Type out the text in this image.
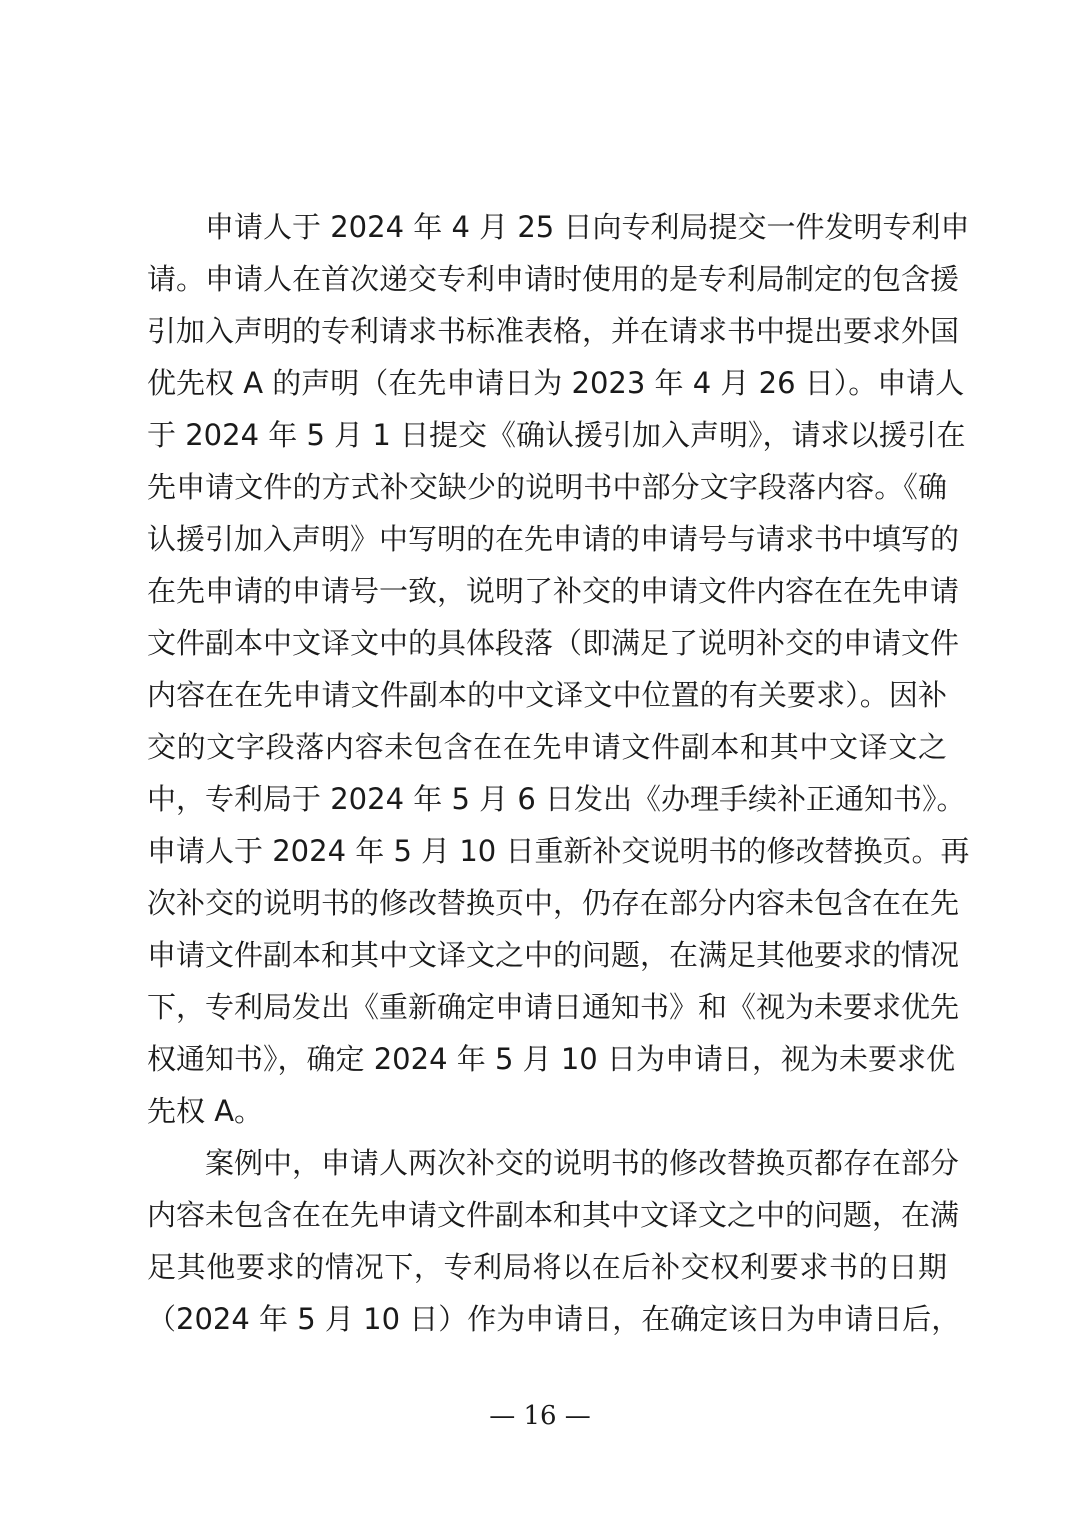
申请人于 2024 年 4 月 25 日向专利局提交一件发明专利申
请。申请人在首次递交专利申请时使用的是专利局制定的包含援
引加入声明的专利请求书标准表格，并在请求书中提出要求外国
优先权 A 的声明（在先申请日为 2023 年 4 月 26 日）。申请人
于 2024 年 5 月 1 日提交《确认援引加入声明》，请求以援引在
先申请文件的方式补交缺少的说明书中部分文字段落内容。《确
认援引加入声明》中写明的在先申请的申请号与请求书中填写的
在先申请的申请号一致，说明了补交的申请文件内容在在先申请
文件副本中文译文中的具体段落（即满足了说明补交的申请文件
内容在在先申请文件副本的中文译文中位置的有关要求）。因补
交的文字段落内容未包含在在先申请文件副本和其中文译文之
中，专利局于 2024 年 5 月 6 日发出《办理手续补正通知书》。
申请人于 2024 年 5 月 10 日重新补交说明书的修改替换页。再
次补交的说明书的修改替换页中，仍存在部分内容未包含在在先
申请文件副本和其中文译文之中的问题，在满足其他要求的情况
下，专利局发出《重新确定申请日通知书》和《视为未要求优先
权通知书》，确定 2024 年 5 月 10 日为申请日，视为未要求优
先权 A。
案例中，申请人两次补交的说明书的修改替换页都存在部分
内容未包含在在先申请文件副本和其中文译文之中的问题，在满
足其他要求的情况下，专利局将以在后补交权利要求书的日期
（2024 年 5 月 10 日）作为申请日，在确定该日为申请日后，
— 16 —
